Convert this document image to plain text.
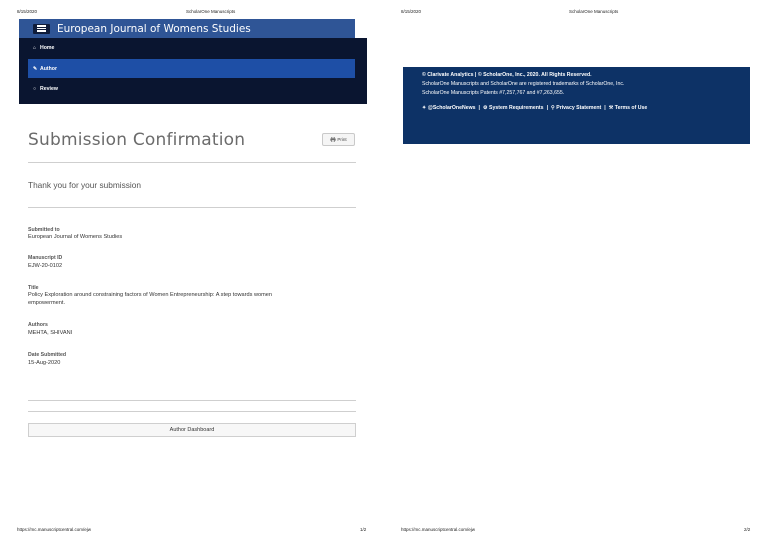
8/15/2020	ScholarOne Manuscripts
European Journal of Womens Studies
⌂ Home
✎ Author
○ Review
Submission Confirmation	Print
Thank you for your submission
Submitted to
European Journal of Womens Studies
Manuscript ID
EJW-20-0102
Title
Policy Exploration around constraining factors of Women Entrepreneurship: A step towards women
empowerment.
Authors
MEHTA, SHIVANI
Date Submitted
15-Aug-2020
Author Dashboard
https://mc.manuscriptcentral.com/ejw	1/2
8/15/2020	ScholarOne Manuscripts
© Clarivate Analytics | © ScholarOne, Inc., 2020. All Rights Reserved.
ScholarOne Manuscripts and ScholarOne are registered trademarks of ScholarOne, Inc.
ScholarOne Manuscripts Patents #7,257,767 and #7,263,655.
✦ @ScholarOneNews | ⚙ System Requirements | ⚲ Privacy Statement | ⚒ Terms of Use
https://mc.manuscriptcentral.com/ejw	2/2
